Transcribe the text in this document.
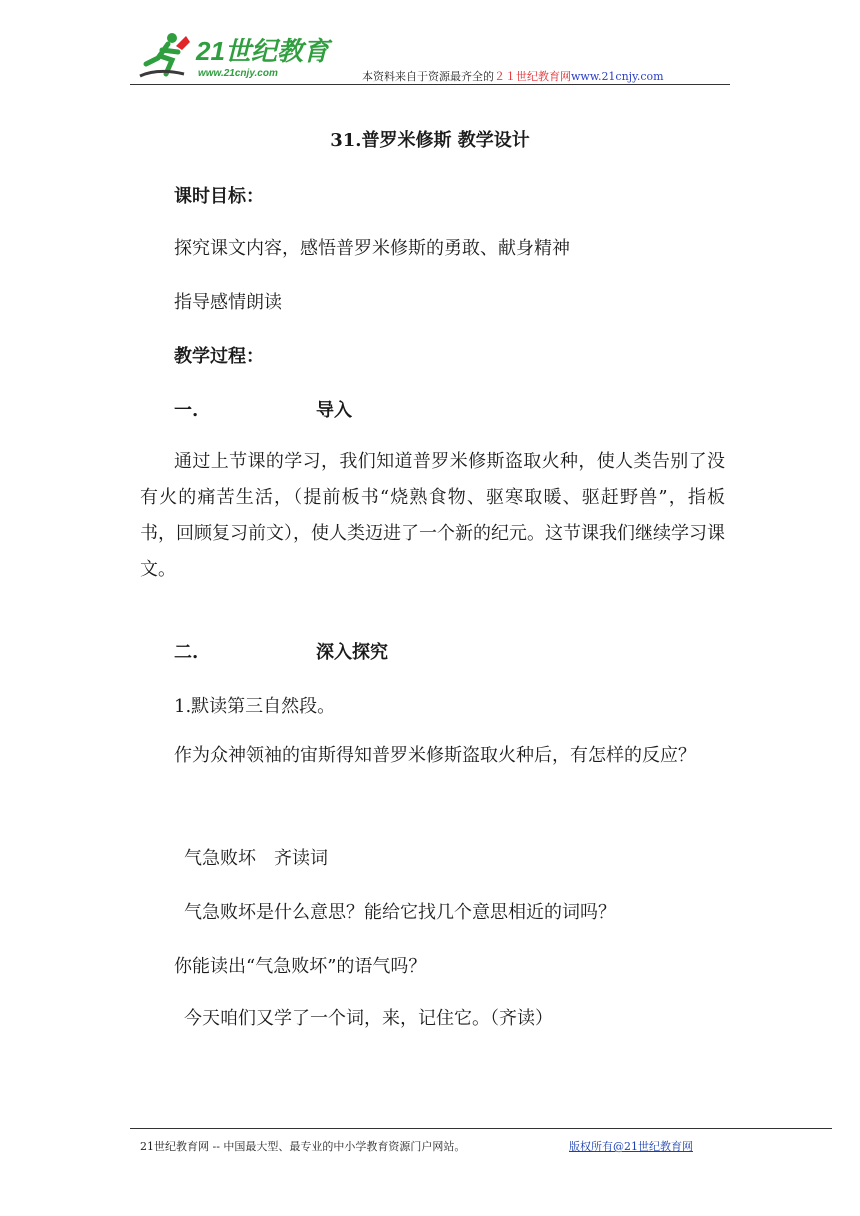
21世纪教育
www.21cnjy.com	本资料来自于资源最齐全的２１世纪教育网www.21cnjy.com
31.普罗米修斯 教学设计
课时目标：
探究课文内容，感悟普罗米修斯的勇敢、献身精神
指导感情朗读
教学过程：
一.	导入
通过上节课的学习，我们知道普罗米修斯盗取火种，使人类告别了没有火的痛苦生活，（提前板书“烧熟食物、驱寒取暖、驱赶野兽”，指板书，回顾复习前文），使人类迈进了一个新的纪元。这节课我们继续学习课文。
二.	深入探究
1.默读第三自然段。
作为众神领袖的宙斯得知普罗米修斯盗取火种后，有怎样的反应？
气急败坏　齐读词
气急败坏是什么意思？能给它找几个意思相近的词吗？
你能读出“气急败坏”的语气吗？
今天咱们又学了一个词，来，记住它。（齐读）
21世纪教育网 -- 中国最大型、最专业的中小学教育资源门户网站。	版权所有@21世纪教育网
